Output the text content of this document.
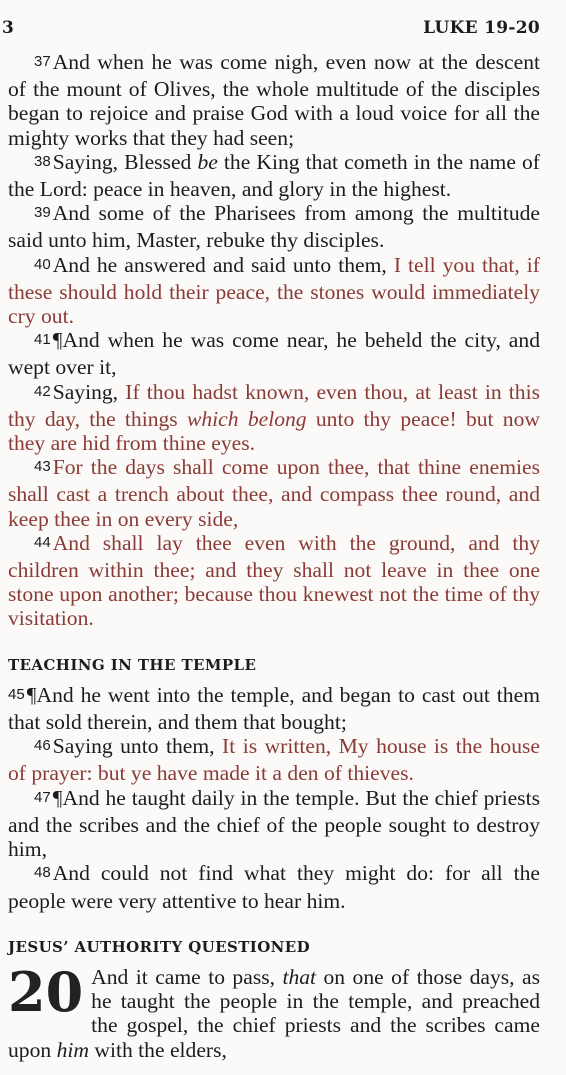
3	LUKE 19-20

37And when he was come nigh, even now at the descent of the mount of Olives, the whole multitude of the disciples began to rejoice and praise God with a loud voice for all the mighty works that they had seen;

38Saying, Blessed be the King that cometh in the name of the Lord: peace in heaven, and glory in the highest.

39And some of the Pharisees from among the multitude said unto him, Master, rebuke thy disciples.

40And he answered and said unto them, I tell you that, if these should hold their peace, the stones would immediately cry out.

41¶And when he was come near, he beheld the city, and wept over it,

42Saying, If thou hadst known, even thou, at least in this thy day, the things which belong unto thy peace! but now they are hid from thine eyes.

43For the days shall come upon thee, that thine enemies shall cast a trench about thee, and compass thee round, and keep thee in on every side,

44And shall lay thee even with the ground, and thy children within thee; and they shall not leave in thee one stone upon another; because thou knewest not the time of thy visitation.

TEACHING IN THE TEMPLE

45¶And he went into the temple, and began to cast out them that sold therein, and them that bought;

46Saying unto them, It is written, My house is the house of prayer: but ye have made it a den of thieves.

47¶And he taught daily in the temple. But the chief priests and the scribes and the chief of the people sought to destroy him,

48And could not find what they might do: for all the people were very attentive to hear him.

JESUS’ AUTHORITY QUESTIONED

20 And it came to pass, that on one of those days, as he taught the people in the temple, and preached the gospel, the chief priests and the scribes came upon him with the elders,
